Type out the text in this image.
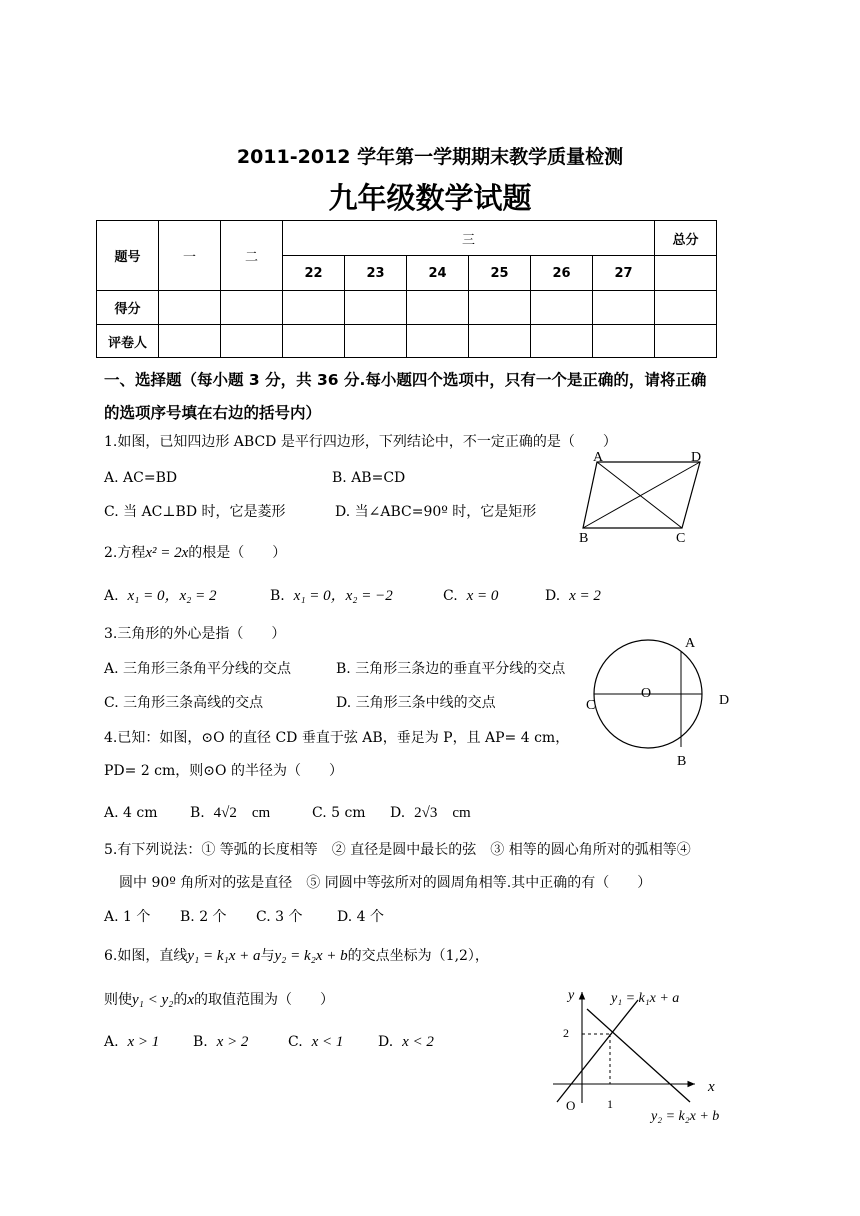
2011-2012 学年第一学期期末教学质量检测
九年级数学试题
题号	一	二	三						总分
			22	23	24	25	26	27	
得分									
评卷人									
一、选择题（每小题 3 分，共 36 分.每小题四个选项中，只有一个是正确的，请将正确
的选项序号填在右边的括号内）
1.如图，已知四边形 ABCD 是平行四边形，下列结论中，不一定正确的是（　　）
A. AC=BD	B. AB=CD
C. 当 AC⊥BD 时，它是菱形	D. 当∠ABC=90º 时，它是矩形
A	D
B	C
2.方程x² = 2x的根是（　　）
A. x₁ = 0，x₂ = 2	B. x₁ = 0，x₂ = −2	C. x = 0	D. x = 2
3.三角形的外心是指（　　）
A. 三角形三条角平分线的交点	B. 三角形三条边的垂直平分线的交点
C. 三角形三条高线的交点	D. 三角形三条中线的交点
A
B
C	D
O
4.已知：如图，⊙O 的直径 CD 垂直于弦 AB，垂足为 P，且 AP= 4 cm，
PD= 2 cm，则⊙O 的半径为（　　）
A. 4 cm B. 4√2　cm	C. 5 cm D. 2√3　cm
5.有下列说法：① 等弧的长度相等　② 直径是圆中最长的弦　③ 相等的圆心角所对的弧相等④
圆中 90º 角所对的弦是直径　⑤ 同圆中等弦所对的圆周角相等.其中正确的有（　　）
A. 1 个 B. 2 个 C. 3 个 D. 4 个
6.如图，直线y₁ = k₁x + a与y₂ = k₂x + b的交点坐标为（1,2），
则使y₁ < y₂的x的取值范围为（　　）
A. x > 1 B. x > 2	C. x < 1 D. x < 2
y
x
O	1
2
y₁ = k₁x + a
y₂ = k₂x + b
